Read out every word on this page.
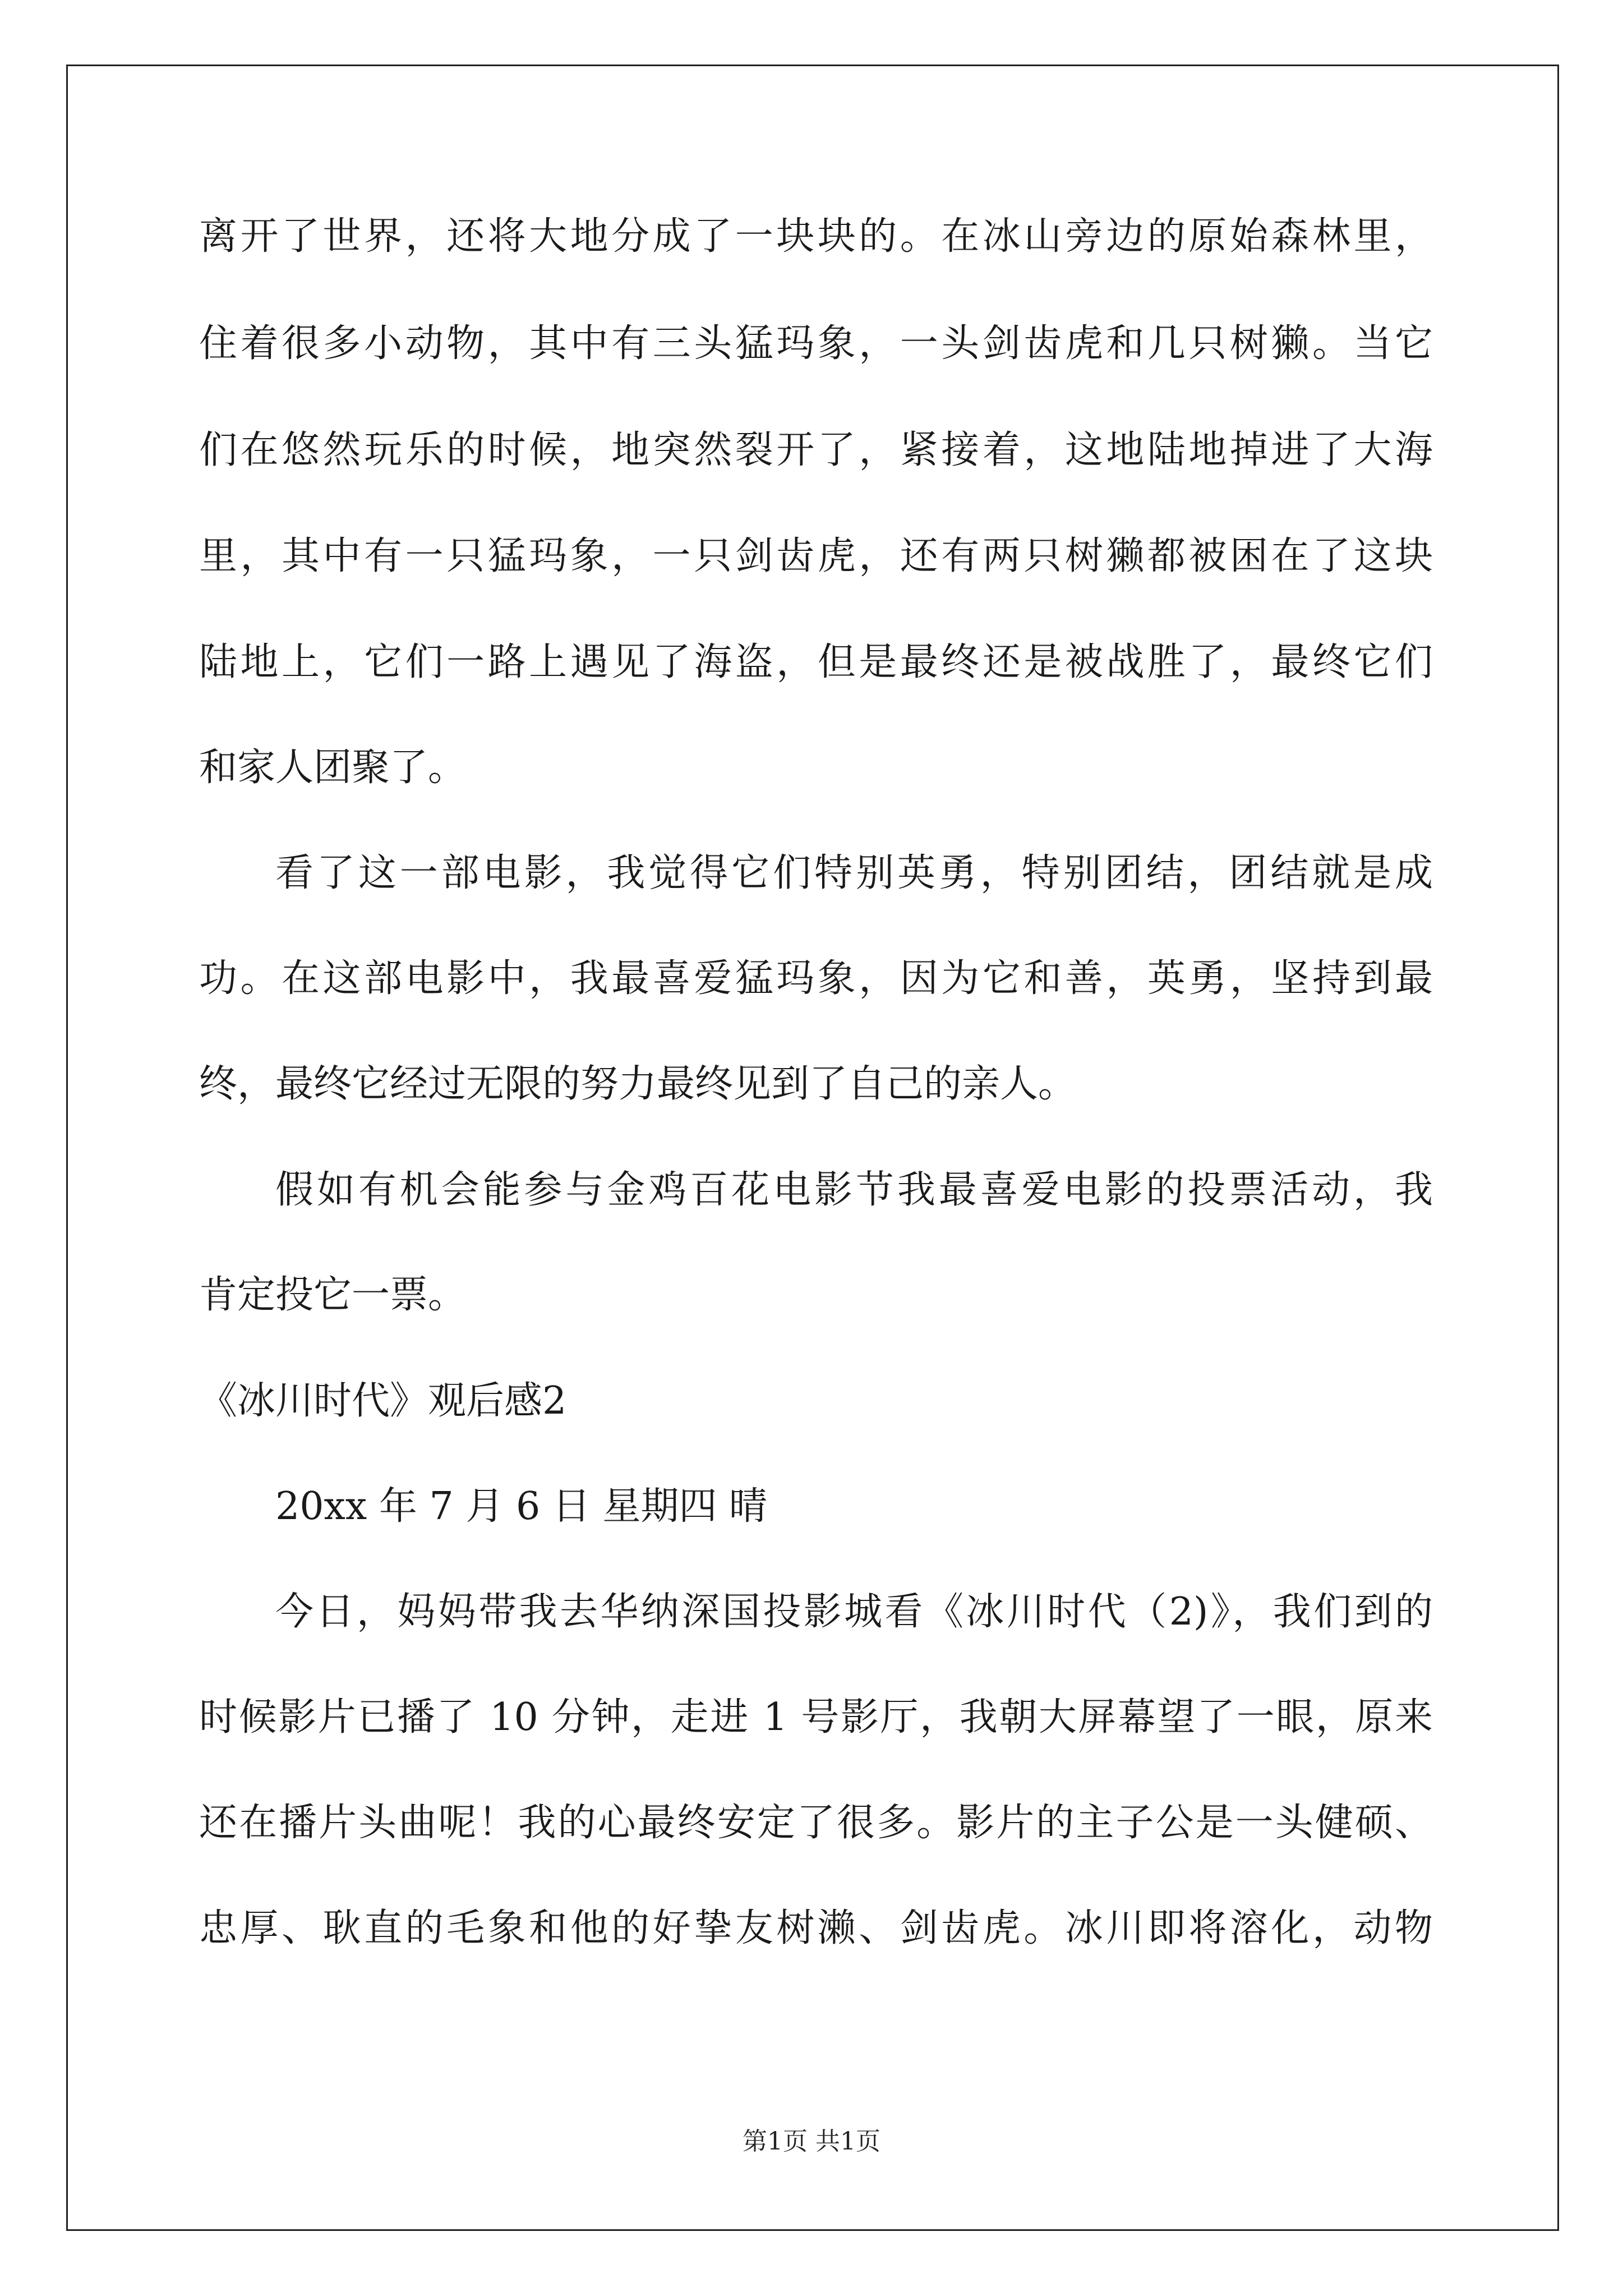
离开了世界，还将大地分成了一块块的。在冰山旁边的原始森林里，
住着很多小动物，其中有三头猛玛象，一头剑齿虎和几只树獭。当它
们在悠然玩乐的时候，地突然裂开了，紧接着，这地陆地掉进了大海
里，其中有一只猛玛象，一只剑齿虎，还有两只树獭都被困在了这块
陆地上，它们一路上遇见了海盗，但是最终还是被战胜了，最终它们
和家人团聚了。
看了这一部电影，我觉得它们特别英勇，特别团结，团结就是成
功。在这部电影中，我最喜爱猛玛象，因为它和善，英勇，坚持到最
终，最终它经过无限的努力最终见到了自己的亲人。
假如有机会能参与金鸡百花电影节我最喜爱电影的投票活动，我
肯定投它一票。
《冰川时代》观后感2
20xx 年 7 月 6 日 星期四 晴
今日，妈妈带我去华纳深国投影城看《冰川时代（2)》，我们到的
时候影片已播了 10 分钟，走进 1 号影厅，我朝大屏幕望了一眼，原来
还在播片头曲呢！我的心最终安定了很多。影片的主子公是一头健硕、
忠厚、耿直的毛象和他的好挚友树濑、剑齿虎。冰川即将溶化，动物
第1页 共1页
